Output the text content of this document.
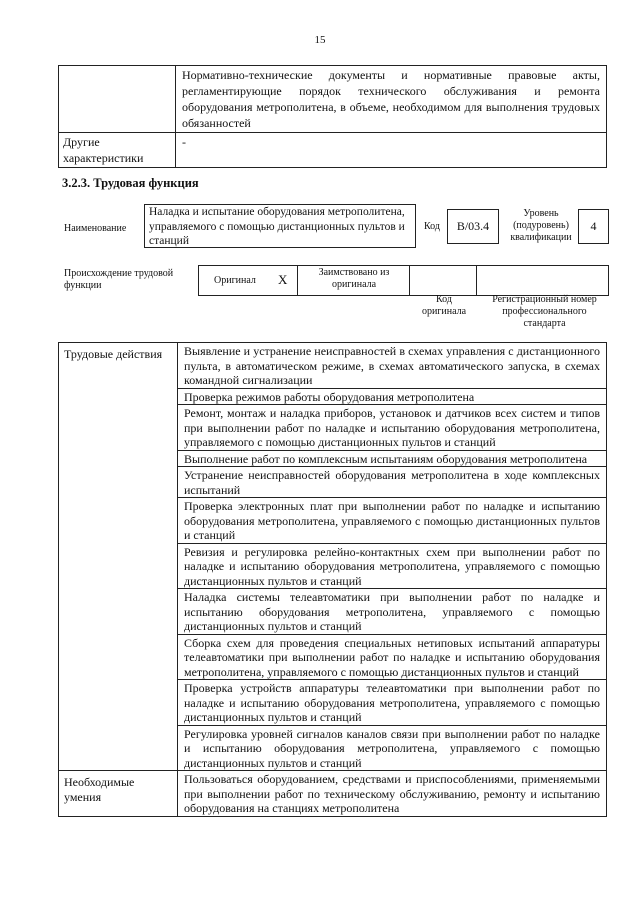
15
	Нормативно-технические документы и нормативные правовые акты, регламентирующие порядок технического обслуживания и ремонта оборудования метрополитена, в объеме, необходимом для выполнения трудовых обязанностей
Другие характеристики	-
3.2.3. Трудовая функция
Наименование
Наладка и испытание оборудования метрополитена, управляемого с помощью дистанционных пультов и станций
Код	B/03.4
Уровень (подуровень) квалификации
4
Происхождение трудовой функции	Оригинал X	Заимствовано из оригинала
Код оригинала
Регистрационный номер профессионального стандарта
Трудовые действия	Выявление и устранение неисправностей в схемах управления с дистанционного пульта, в автоматическом режиме, в схемах автоматического запуска, в схемах командной сигнализации
	Проверка режимов работы оборудования метрополитена
	Ремонт, монтаж и наладка приборов, установок и датчиков всех систем и типов при выполнении работ по наладке и испытанию оборудования метрополитена, управляемого с помощью дистанционных пультов и станций
	Выполнение работ по комплексным испытаниям оборудования метрополитена
	Устранение неисправностей оборудования метрополитена в ходе комплексных испытаний
	Проверка электронных плат при выполнении работ по наладке и испытанию оборудования метрополитена, управляемого с помощью дистанционных пультов и станций
	Ревизия и регулировка релейно-контактных схем при выполнении работ по наладке и испытанию оборудования метрополитена, управляемого с помощью дистанционных пультов и станций
	Наладка системы телеавтоматики при выполнении работ по наладке и испытанию оборудования метрополитена, управляемого с помощью дистанционных пультов и станций
	Сборка схем для проведения специальных нетиповых испытаний аппаратуры телеавтоматики при выполнении работ по наладке и испытанию оборудования метрополитена, управляемого с помощью дистанционных пультов и станций
	Проверка устройств аппаратуры телеавтоматики при выполнении работ по наладке и испытанию оборудования метрополитена, управляемого с помощью дистанционных пультов и станций
	Регулировка уровней сигналов каналов связи при выполнении работ по наладке и испытанию оборудования метрополитена, управляемого с помощью дистанционных пультов и станций
Необходимые умения	Пользоваться оборудованием, средствами и приспособлениями, применяемыми при выполнении работ по техническому обслуживанию, ремонту и испытанию оборудования на станциях метрополитена
